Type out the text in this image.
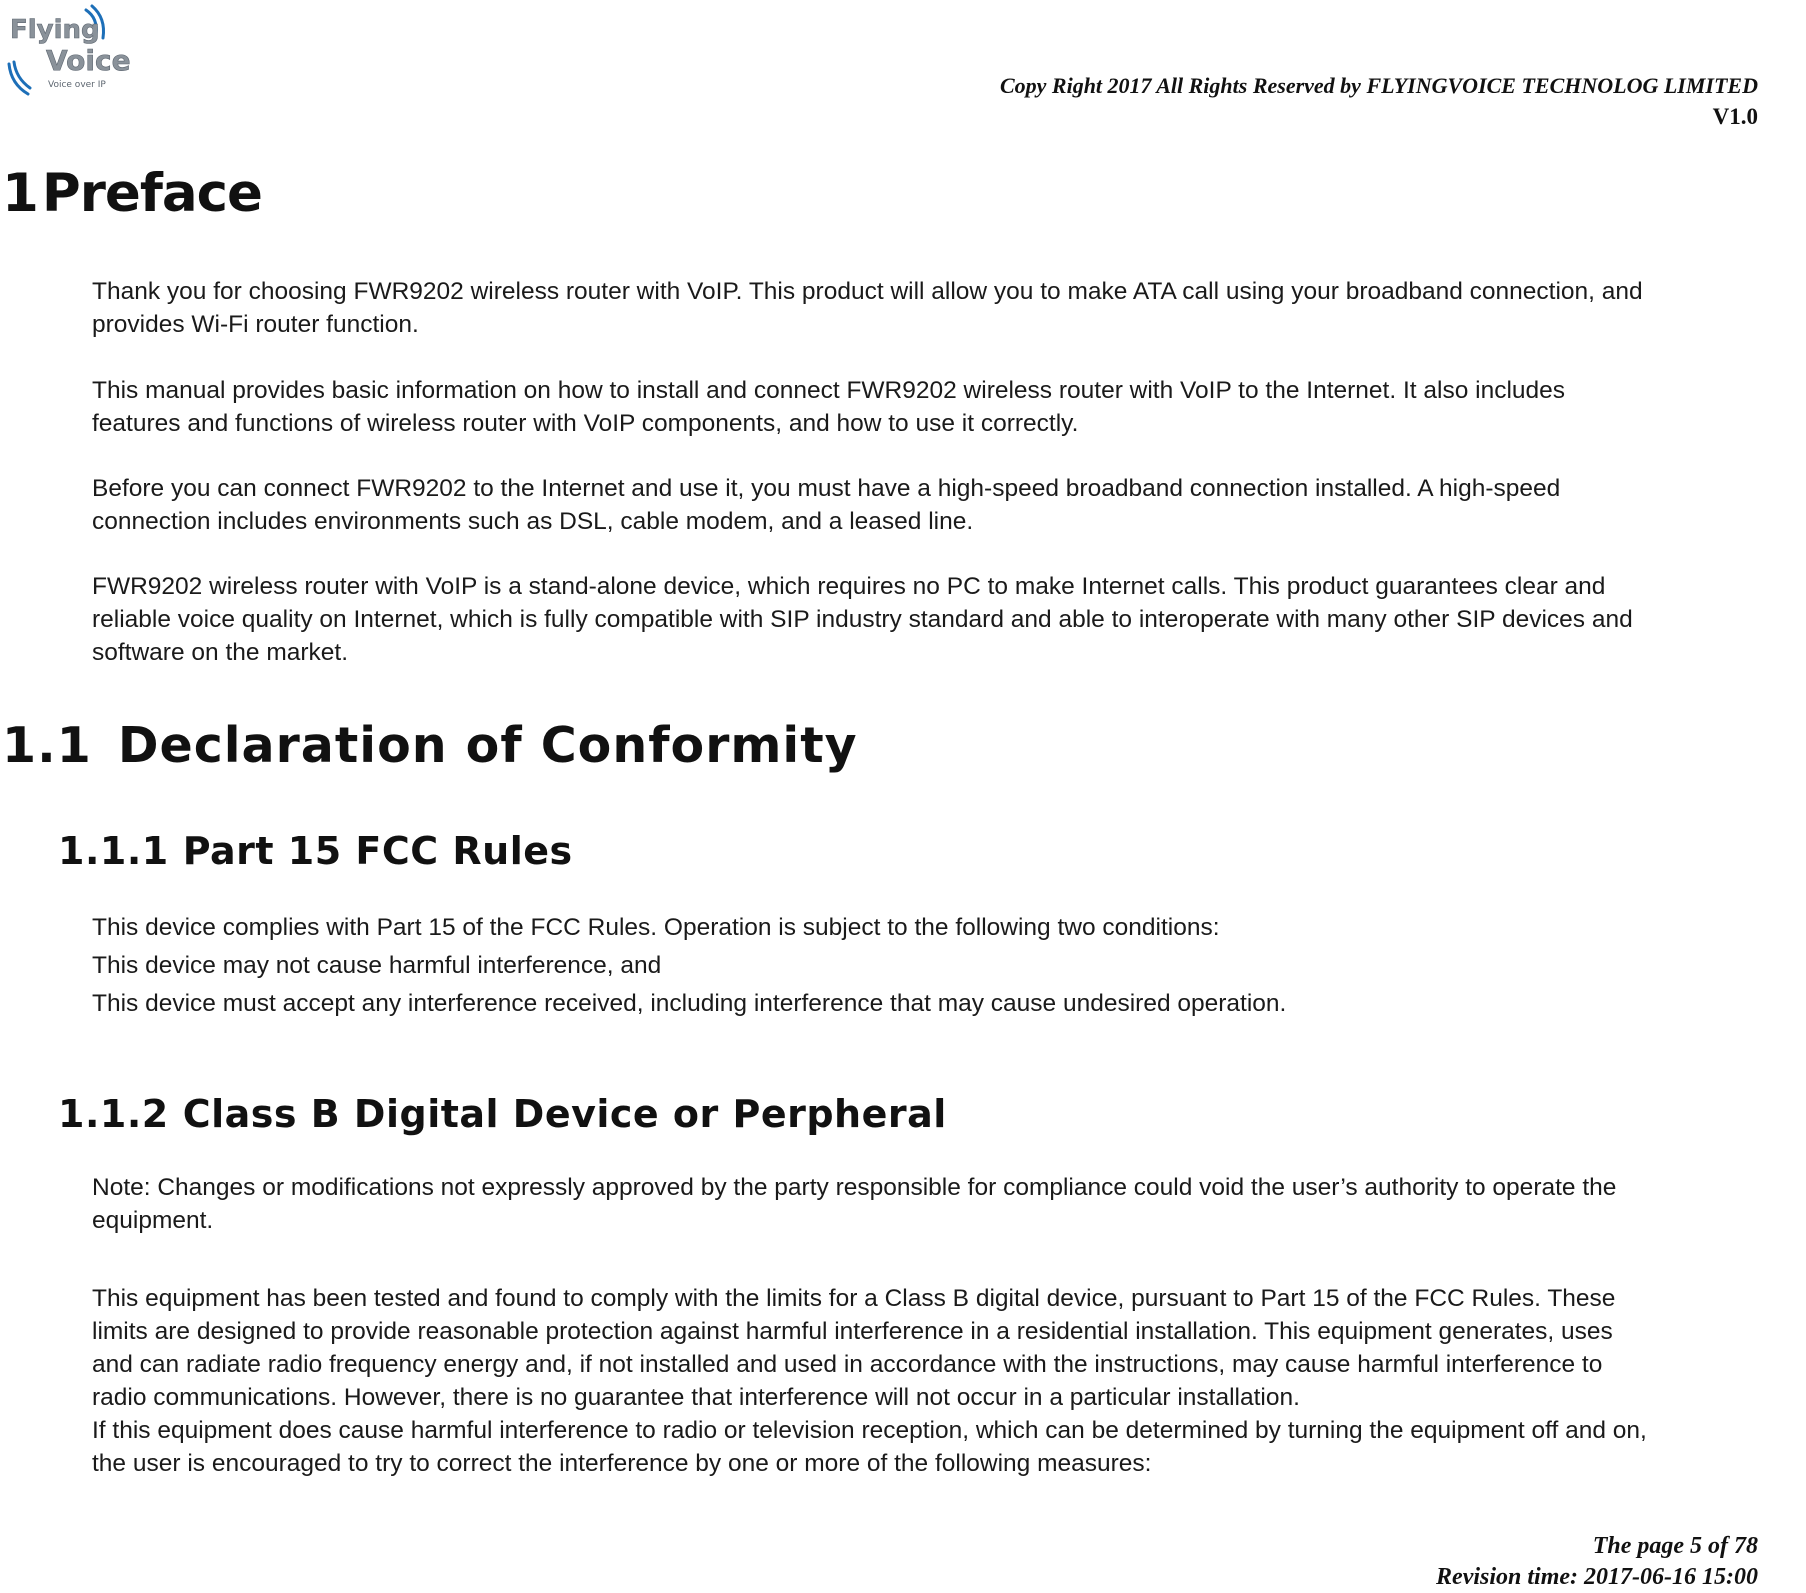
Flying
Voice
Voice over IP	Copy Right 2017 All Rights Reserved by FLYINGVOICE TECHNOLOG LIMITED
V1.0
1Preface

Thank you for choosing FWR9202 wireless router with VoIP. This product will allow you to make ATA call using your broadband connection, and
provides Wi-Fi router function.

This manual provides basic information on how to install and connect FWR9202 wireless router with VoIP to the Internet. It also includes
features and functions of wireless router with VoIP components, and how to use it correctly.

Before you can connect FWR9202 to the Internet and use it, you must have a high-speed broadband connection installed. A high-speed
connection includes environments such as DSL, cable modem, and a leased line.

FWR9202 wireless router with VoIP is a stand-alone device, which requires no PC to make Internet calls. This product guarantees clear and
reliable voice quality on Internet, which is fully compatible with SIP industry standard and able to interoperate with many other SIP devices and
software on the market.

1.1 Declaration of Conformity
1.1.1 Part 15 FCC Rules
This device complies with Part 15 of the FCC Rules. Operation is subject to the following two conditions:
This device may not cause harmful interference, and
This device must accept any interference received, including interference that may cause undesired operation.
1.1.2 Class B Digital Device or Perpheral

Note: Changes or modifications not expressly approved by the party responsible for compliance could void the user’s authority to operate the
equipment.

This equipment has been tested and found to comply with the limits for a Class B digital device, pursuant to Part 15 of the FCC Rules. These
limits are designed to provide reasonable protection against harmful interference in a residential installation. This equipment generates, uses
and can radiate radio frequency energy and, if not installed and used in accordance with the instructions, may cause harmful interference to
radio communications. However, there is no guarantee that interference will not occur in a particular installation.
If this equipment does cause harmful interference to radio or television reception, which can be determined by turning the equipment off and on,
the user is encouraged to try to correct the interference by one or more of the following measures:

The page 5 of 78
Revision time: 2017-06-16 15:00
